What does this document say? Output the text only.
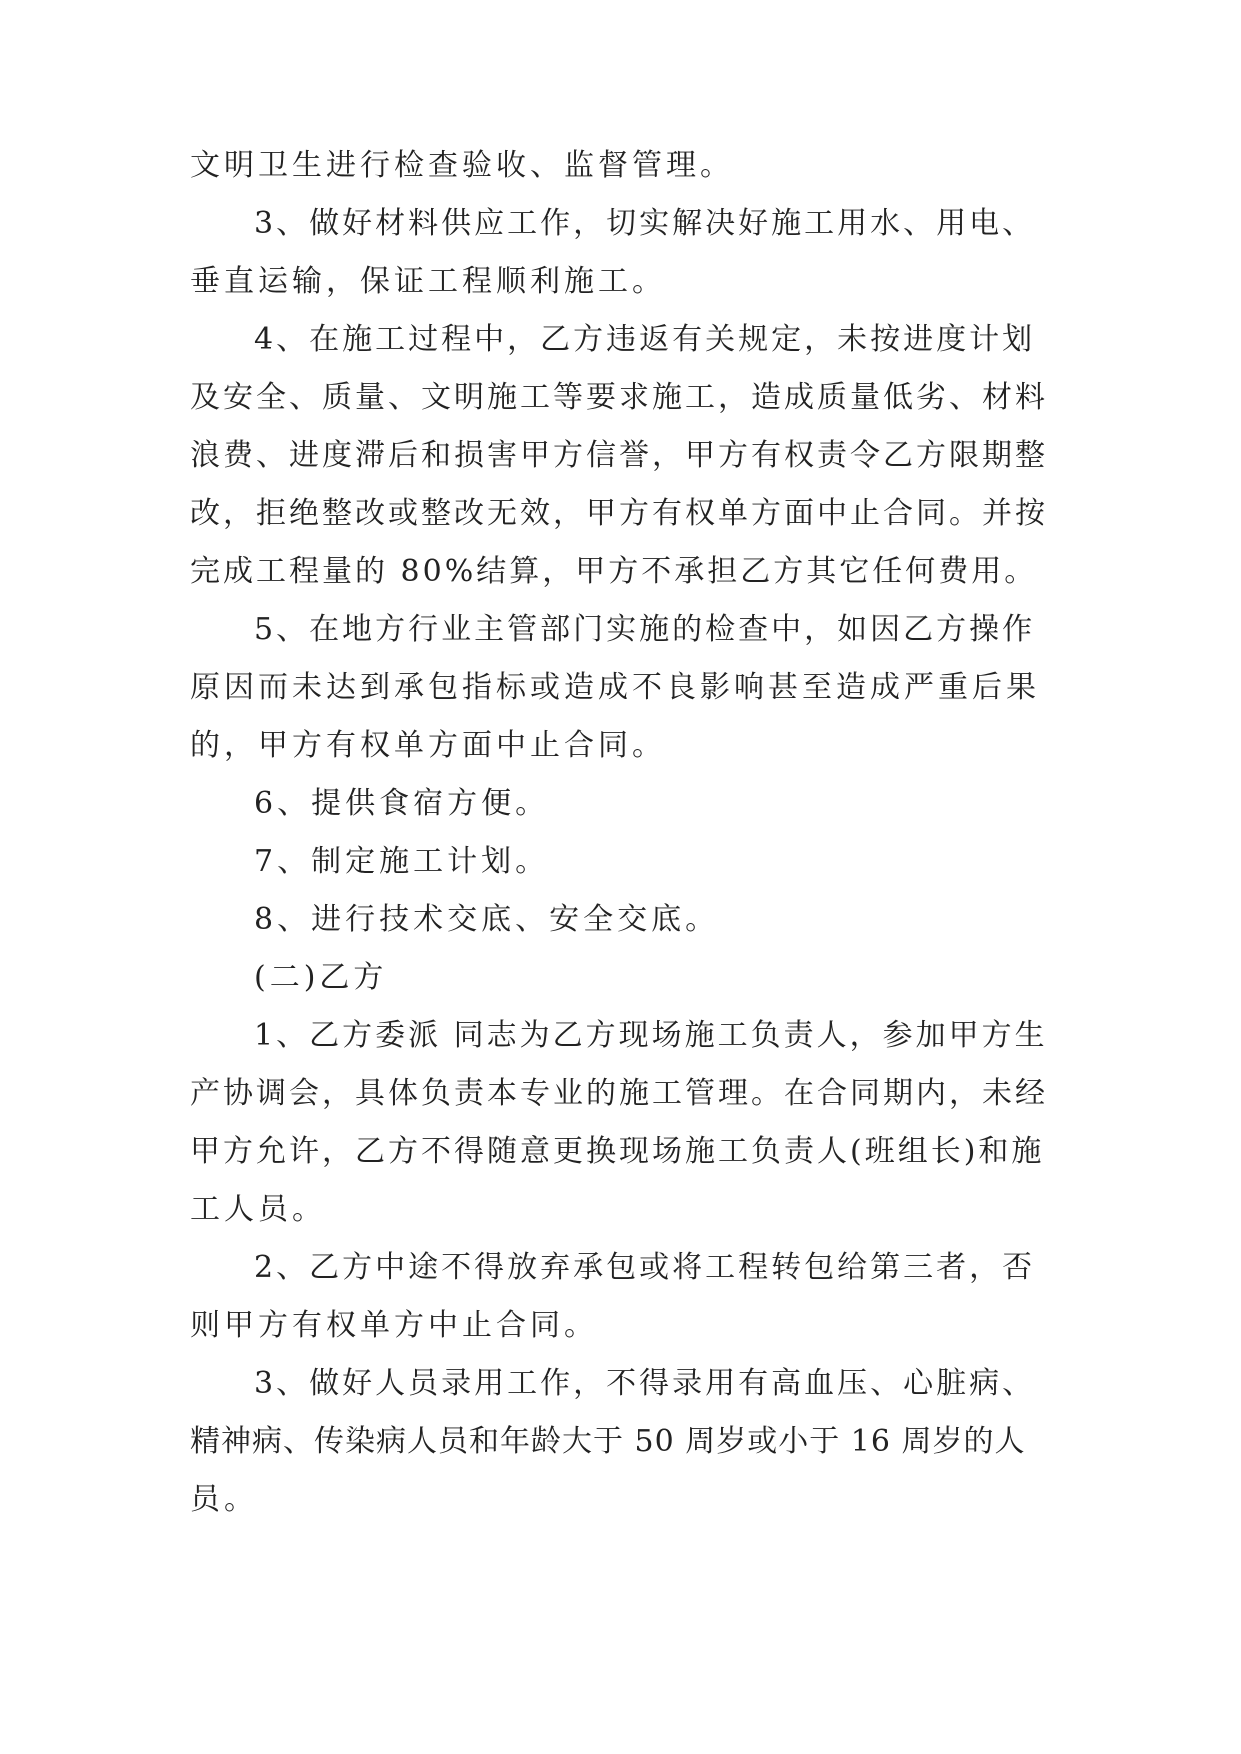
文明卫生进行检查验收、监督管理。
3、做好材料供应工作，切实解决好施工用水、用电、
垂直运输，保证工程顺利施工。
4、在施工过程中，乙方违返有关规定，未按进度计划
及安全、质量、文明施工等要求施工，造成质量低劣、材料
浪费、进度滞后和损害甲方信誉，甲方有权责令乙方限期整
改，拒绝整改或整改无效，甲方有权单方面中止合同。并按
完成工程量的 80%结算，甲方不承担乙方其它任何费用。
5、在地方行业主管部门实施的检查中，如因乙方操作
原因而未达到承包指标或造成不良影响甚至造成严重后果
的，甲方有权单方面中止合同。
6、提供食宿方便。
7、制定施工计划。
8、进行技术交底、安全交底。
(二)乙方
1、乙方委派 同志为乙方现场施工负责人，参加甲方生
产协调会，具体负责本专业的施工管理。在合同期内，未经
甲方允许，乙方不得随意更换现场施工负责人(班组长)和施
工人员。
2、乙方中途不得放弃承包或将工程转包给第三者，否
则甲方有权单方中止合同。
3、做好人员录用工作，不得录用有高血压、心脏病、
精神病、传染病人员和年龄大于 50 周岁或小于 16 周岁的人
员。
